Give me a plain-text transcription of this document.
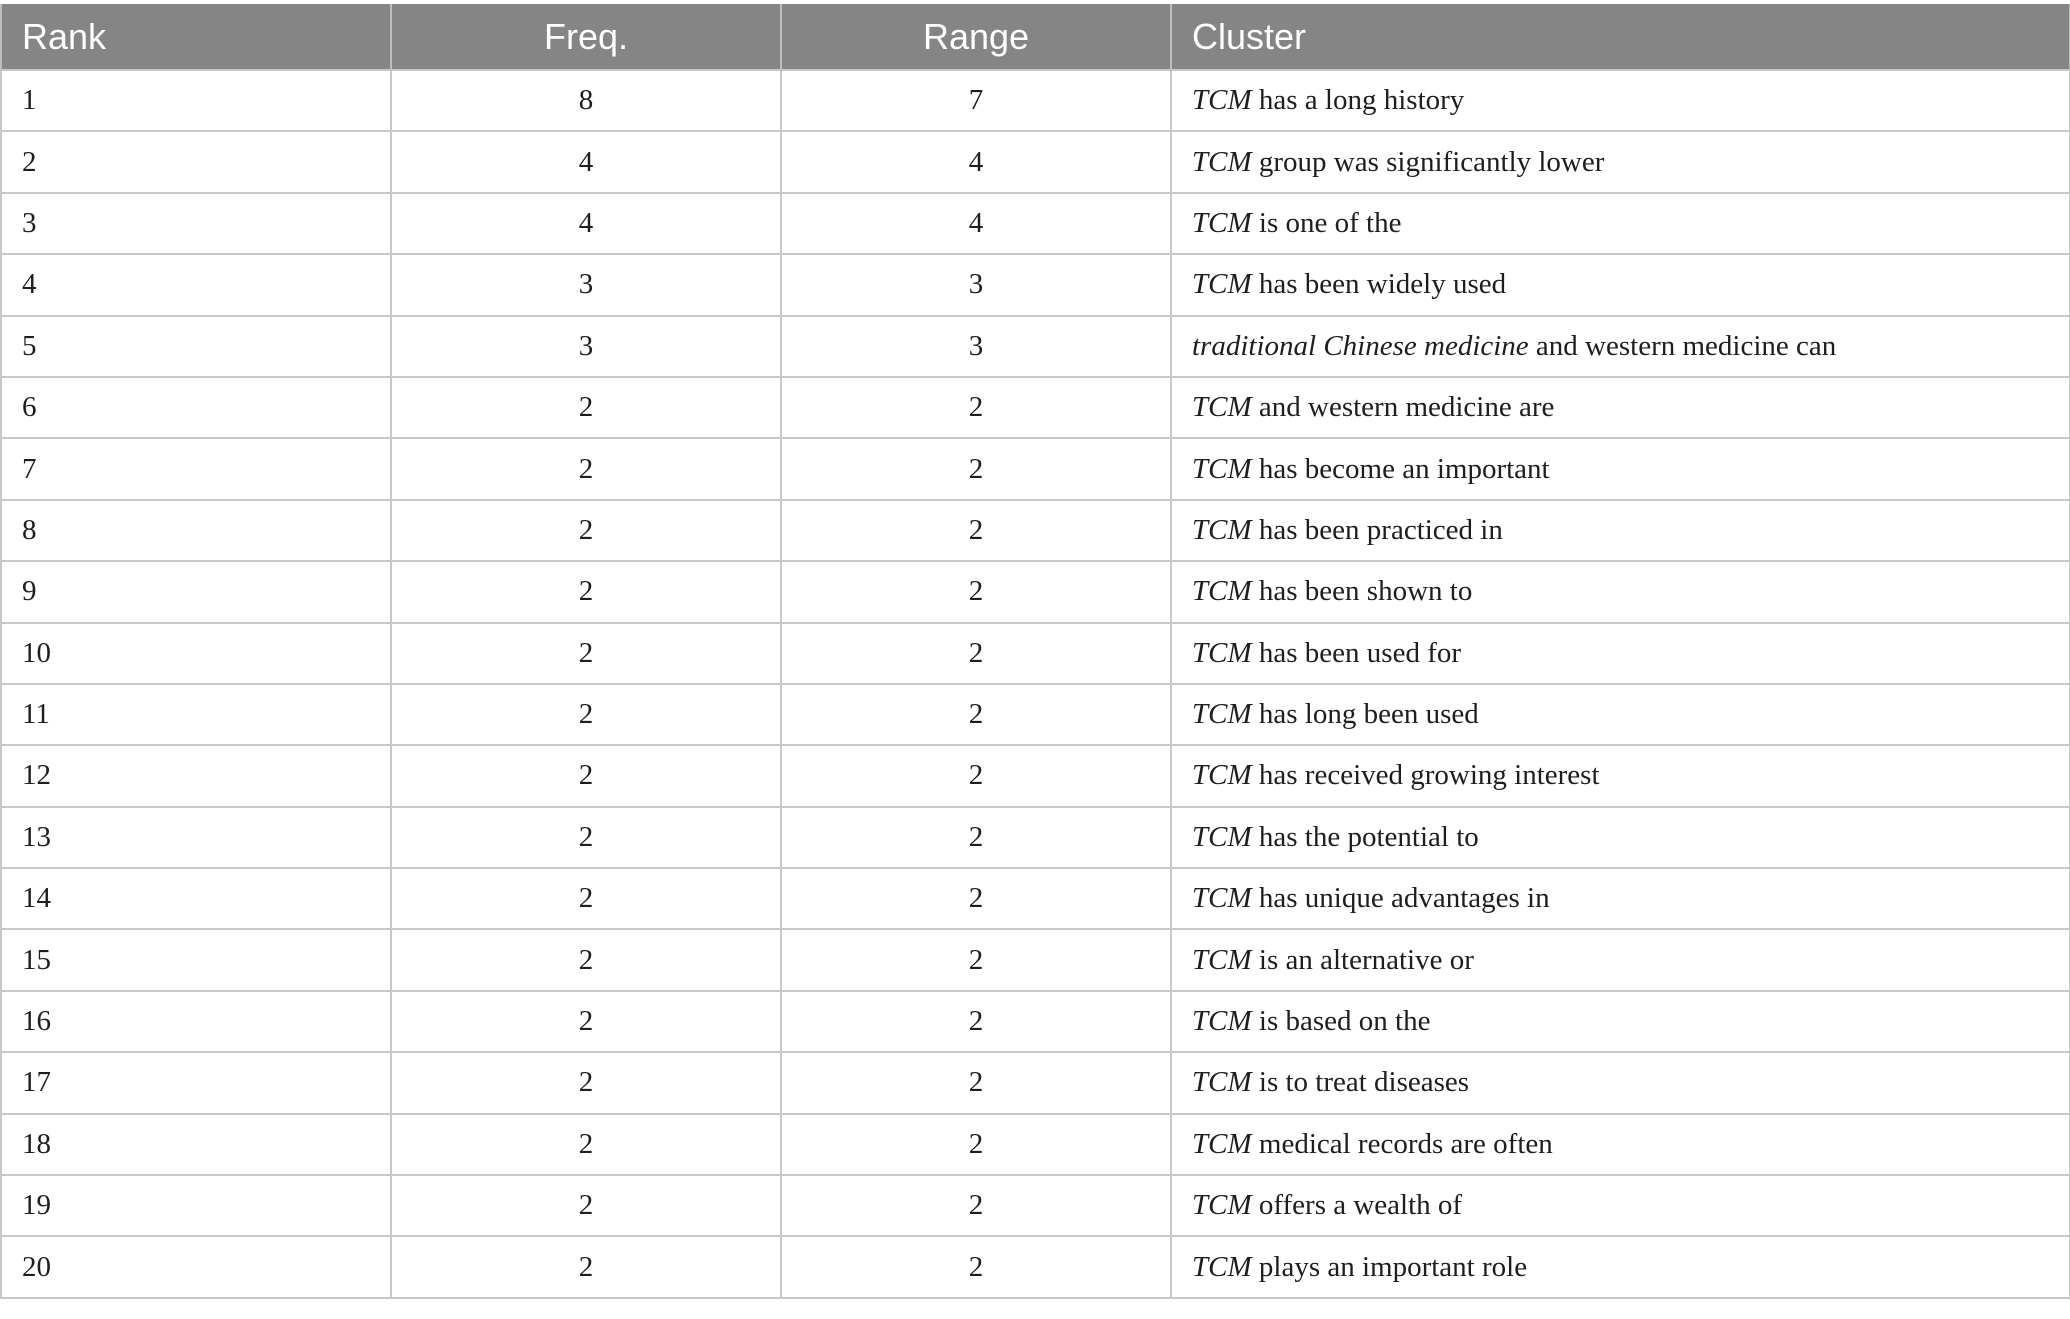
Rank	Freq.	Range	Cluster
1	8	7	TCM has a long history
2	4	4	TCM group was significantly lower
3	4	4	TCM is one of the
4	3	3	TCM has been widely used
5	3	3	traditional Chinese medicine and western medicine can
6	2	2	TCM and western medicine are
7	2	2	TCM has become an important
8	2	2	TCM has been practiced in
9	2	2	TCM has been shown to
10	2	2	TCM has been used for
11	2	2	TCM has long been used
12	2	2	TCM has received growing interest
13	2	2	TCM has the potential to
14	2	2	TCM has unique advantages in
15	2	2	TCM is an alternative or
16	2	2	TCM is based on the
17	2	2	TCM is to treat diseases
18	2	2	TCM medical records are often
19	2	2	TCM offers a wealth of
20	2	2	TCM plays an important role
